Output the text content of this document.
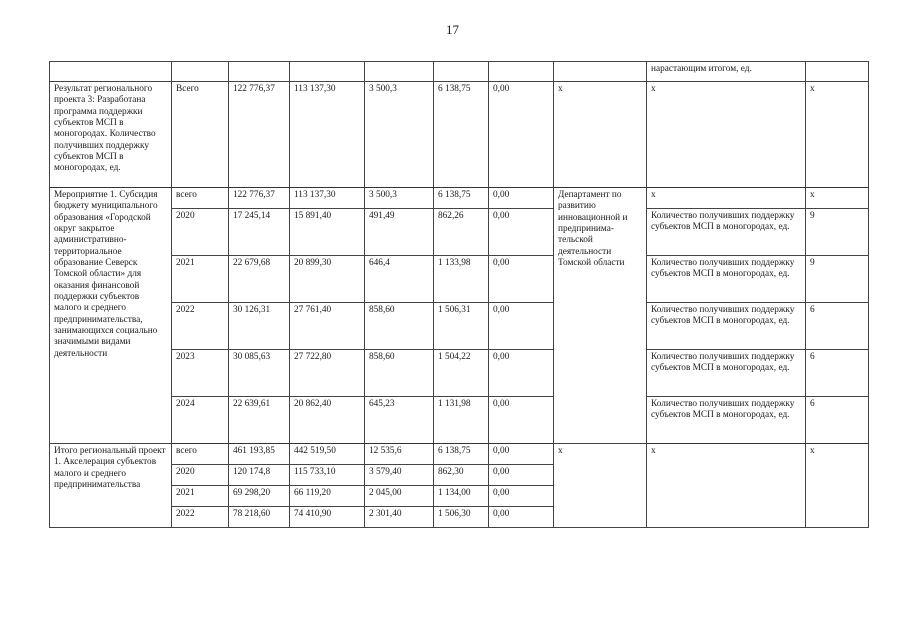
17
								нарастающим итогом, ед.	
Результат регионального проекта 3: Разработана программа поддержки субъектов МСП в моногородах. Количество получивших поддержку субъектов МСП в моногородах, ед.	Всего	122 776,37	113 137,30	3 500,3	6 138,75	0,00	х	х	х
Мероприятие 1. Субсидия бюджету муниципального образования «Городской округ закрытое административно-территориальное образование Северск Томской области» для оказания финансовой поддержки субъектов малого и среднего предпринимательства, занимающихся социально значимыми видами деятельности	всего	122 776,37	113 137,30	3 500,3	6 138,75	0,00	Департамент по развитию инновационной и предпринима-тельской деятельности Томской области	х	х
	2020	17 245,14	15 891,40	491,49	862,26	0,00		Количество получивших поддержку субъектов МСП в моногородах, ед.	9
	2021	22 679,68	20 899,30	646,4	1 133,98	0,00		Количество получивших поддержку субъектов МСП в моногородах, ед.	9
	2022	30 126,31	27 761,40	858,60	1 506,31	0,00		Количество получивших поддержку субъектов МСП в моногородах, ед.	6
	2023	30 085,63	27 722,80	858,60	1 504,22	0,00		Количество получивших поддержку субъектов МСП в моногородах, ед.	6
	2024	22 639,61	20 862,40	645,23	1 131,98	0,00		Количество получивших поддержку субъектов МСП в моногородах, ед.	6
Итого региональный проект 1. Акселерация субъектов малого и среднего предпринимательства	всего	461 193,85	442 519,50	12 535,6	6 138,75	0,00	х	х	х
	2020	120 174,8	115 733,10	3 579,40	862,30	0,00			
	2021	69 298,20	66 119,20	2 045,00	1 134,00	0,00			
	2022	78 218,60	74 410,90	2 301,40	1 506,30	0,00			
